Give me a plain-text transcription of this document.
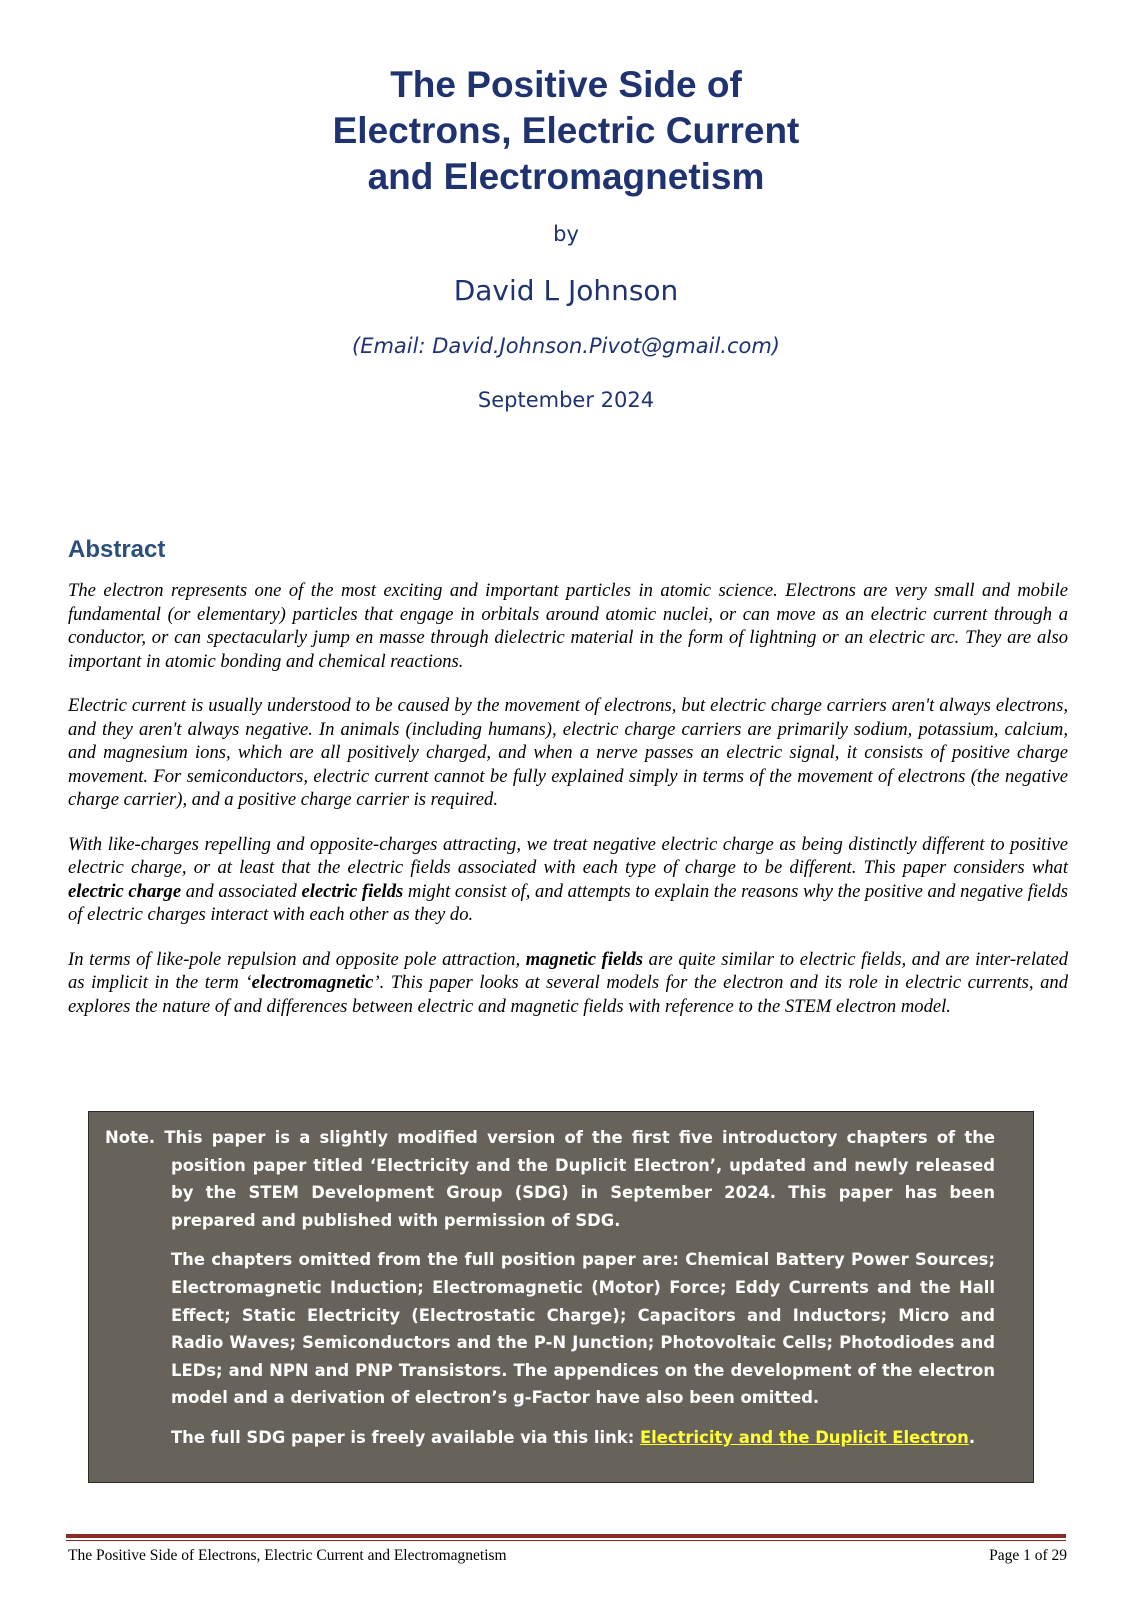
The Positive Side of
Electrons, Electric Current
and Electromagnetism
by
David L Johnson
(Email: David.Johnson.Pivot@gmail.com)
September 2024
Abstract

The electron represents one of the most exciting and important particles in atomic science. Electrons are very small and mobile fundamental (or elementary) particles that engage in orbitals around atomic nuclei, or can move as an electric current through a conductor, or can spectacularly jump en masse through dielectric material in the form of lightning or an electric arc. They are also important in atomic bonding and chemical reactions.

Electric current is usually understood to be caused by the movement of electrons, but electric charge carriers aren't always electrons, and they aren't always negative. In animals (including humans), electric charge carriers are primarily sodium, potassium, calcium, and magnesium ions, which are all positively charged, and when a nerve passes an electric signal, it consists of positive charge movement. For semiconductors, electric current cannot be fully explained simply in terms of the movement of electrons (the negative charge carrier), and a positive charge carrier is required.

With like-charges repelling and opposite-charges attracting, we treat negative electric charge as being distinctly different to positive electric charge, or at least that the electric fields associated with each type of charge to be different. This paper considers what electric charge and associated electric fields might consist of, and attempts to explain the reasons why the positive and negative fields of electric charges interact with each other as they do.

In terms of like-pole repulsion and opposite pole attraction, magnetic fields are quite similar to electric fields, and are inter-related as implicit in the term ‘electromagnetic’. This paper looks at several models for the electron and its role in electric currents, and explores the nature of and differences between electric and magnetic fields with reference to the STEM electron model.

Note. This paper is a slightly modified version of the first five introductory chapters of the position paper titled ‘Electricity and the Duplicit Electron’, updated and newly released by the STEM Development Group (SDG) in September 2024. This paper has been prepared and published with permission of SDG.

The chapters omitted from the full position paper are: Chemical Battery Power Sources; Electromagnetic Induction; Electromagnetic (Motor) Force; Eddy Currents and the Hall Effect; Static Electricity (Electrostatic Charge); Capacitors and Inductors; Micro and Radio Waves; Semiconductors and the P-N Junction; Photovoltaic Cells; Photodiodes and LEDs; and NPN and PNP Transistors. The appendices on the development of the electron model and a derivation of electron’s g-Factor have also been omitted.

The full SDG paper is freely available via this link: Electricity and the Duplicit Electron.

The Positive Side of Electrons, Electric Current and Electromagnetism	Page 1 of 29
